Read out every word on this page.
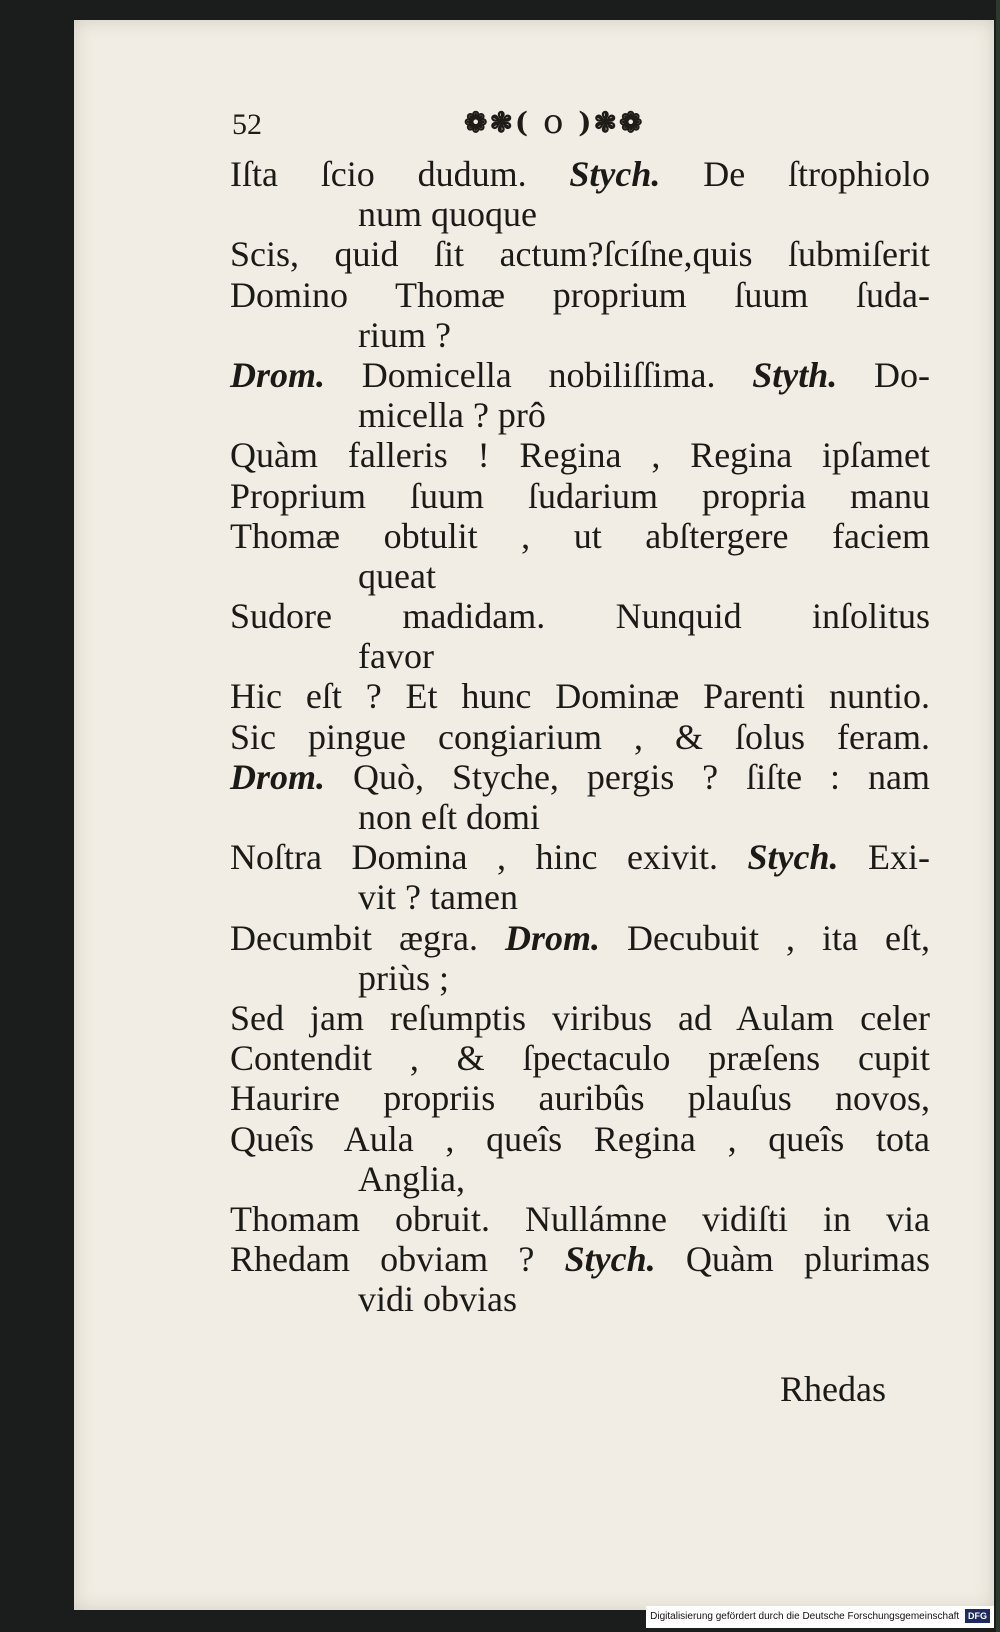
52	❁❃( o )❃❁
Iſta ſcio dudum. Stych. De ſtrophiolo
num quoque
Scis, quid ſit actum?ſcíſne,quis ſubmiſerit
Domino Thomæ proprium ſuum ſuda-
rium ?
Drom. Domicella nobiliſſima. Styth. Do-
micella ? prô
Quàm falleris ! Regina , Regina ipſamet
Proprium ſuum ſudarium propria manu
Thomæ obtulit , ut abſtergere faciem
queat
Sudore madidam. Nunquid inſolitus
favor
Hic eſt ? Et hunc Dominæ Parenti nuntio.
Sic pingue congiarium , & ſolus feram.
Drom. Quò, Styche, pergis ? ſiſte : nam
non eſt domi
Noſtra Domina , hinc exivit. Stych. Exi-
vit ? tamen
Decumbit ægra. Drom. Decubuit , ita eſt,
priùs ;
Sed jam reſumptis viribus ad Aulam celer
Contendit , & ſpectaculo præſens cupit
Haurire propriis auribûs plauſus novos,
Queîs Aula , queîs Regina , queîs tota
Anglia,
Thomam obruit. Nullámne vidiſti in via
Rhedam obviam ? Stych. Quàm plurimas
vidi obvias
Rhedas
Digitalisierung gefördert durch die Deutsche Forschungsgemeinschaft DFG
